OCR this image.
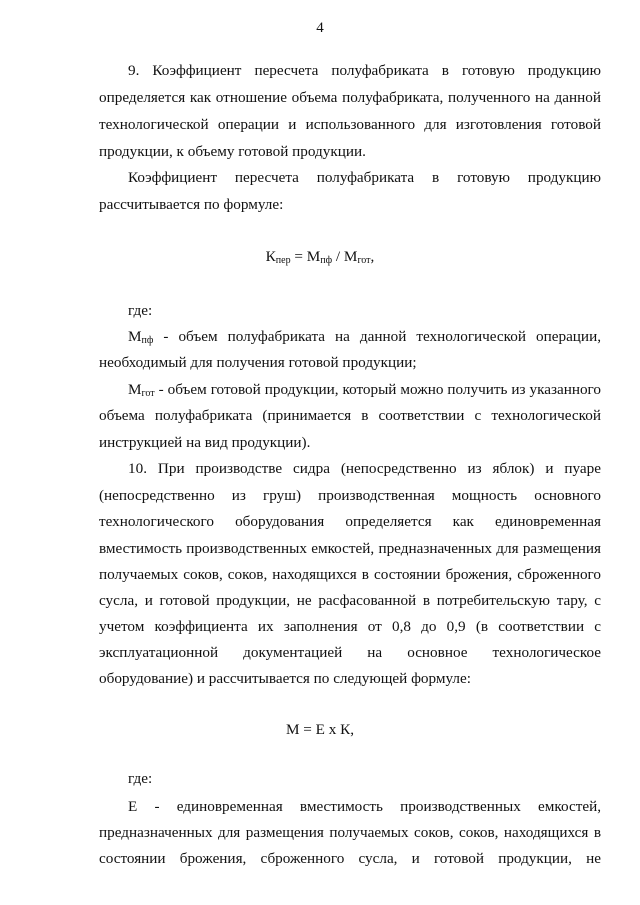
4
9. Коэффициент пересчета полуфабриката в готовую продукцию
определяется как отношение объема полуфабриката, полученного на данной
технологической операции и использованного для изготовления готовой
продукции, к объему готовой продукции.
Коэффициент пересчета полуфабриката в готовую продукцию
рассчитывается по формуле:
$К_{пер} = М_{пф} / М_{гот}$,
где:
$М_{пф}$ - объем полуфабриката на данной технологической операции,
необходимый для получения готовой продукции;
$М_{гот}$ - объем готовой продукции, который можно получить из указанного
объема полуфабриката (принимается в соответствии с технологической
инструкцией на вид продукции).
10. При производстве сидра (непосредственно из яблок) и пуаре
(непосредственно из груш) производственная мощность основного
технологического оборудования определяется как единовременная
вместимость производственных емкостей, предназначенных для размещения
получаемых соков, соков, находящихся в состоянии брожения, сброженного
сусла, и готовой продукции, не расфасованной в потребительскую тару, с
учетом коэффициента их заполнения от 0,8 до 0,9 (в соответствии с
эксплуатационной документацией на основное технологическое
оборудование) и рассчитывается по следующей формуле:
М = Е х К,
где:
Е - единовременная вместимость производственных емкостей,
предназначенных для размещения получаемых соков, соков, находящихся в
состоянии брожения, сброженного сусла, и готовой продукции, не
